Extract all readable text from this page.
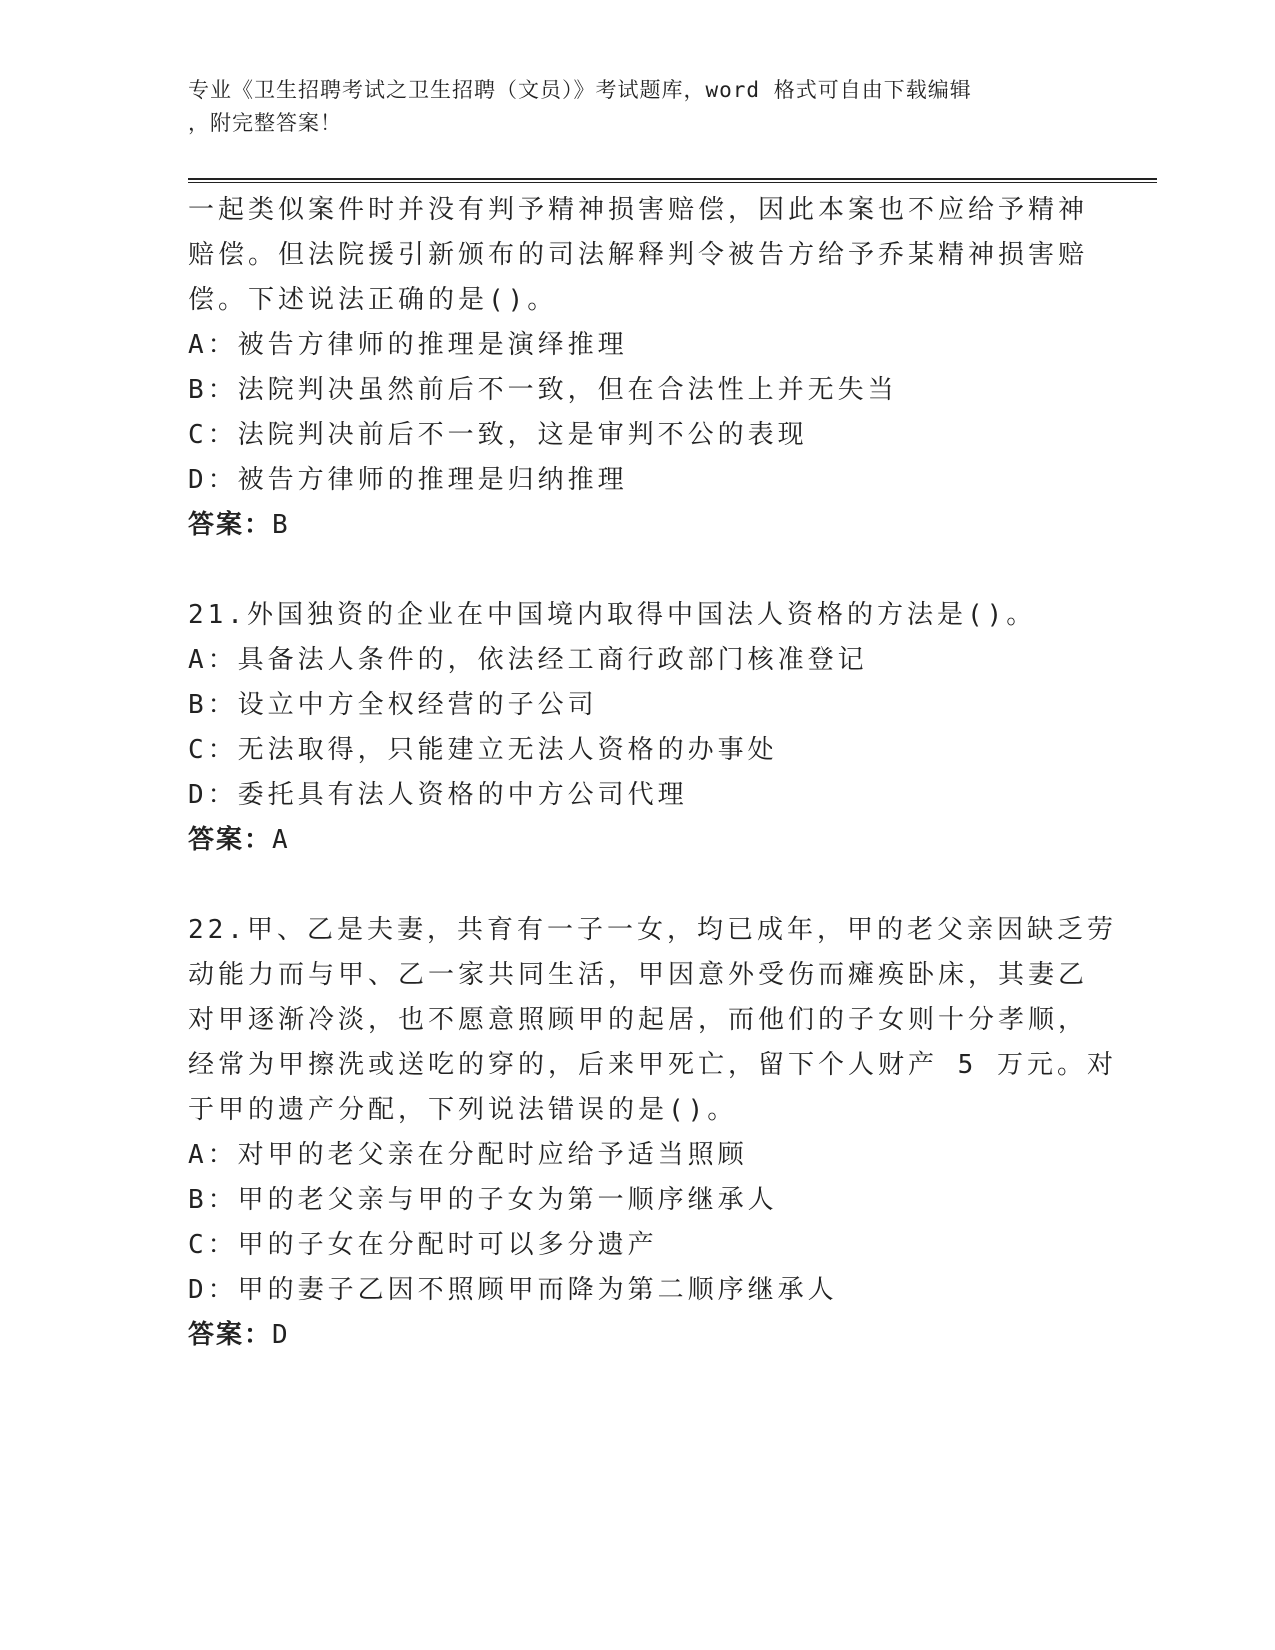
专业《卫生招聘考试之卫生招聘（文员）》考试题库，word 格式可自由下载编辑
，附完整答案！
一起类似案件时并没有判予精神损害赔偿，因此本案也不应给予精神
赔偿。但法院援引新颁布的司法解释判令被告方给予乔某精神损害赔
偿。下述说法正确的是()。
A：被告方律师的推理是演绎推理
B：法院判决虽然前后不一致，但在合法性上并无失当
C：法院判决前后不一致，这是审判不公的表现
D：被告方律师的推理是归纳推理
答案：B
21.外国独资的企业在中国境内取得中国法人资格的方法是()。
A：具备法人条件的，依法经工商行政部门核准登记
B：设立中方全权经营的子公司
C：无法取得，只能建立无法人资格的办事处
D：委托具有法人资格的中方公司代理
答案：A
22.甲、乙是夫妻，共育有一子一女，均已成年，甲的老父亲因缺乏劳
动能力而与甲、乙一家共同生活，甲因意外受伤而瘫痪卧床，其妻乙
对甲逐渐冷淡，也不愿意照顾甲的起居，而他们的子女则十分孝顺，
经常为甲擦洗或送吃的穿的，后来甲死亡，留下个人财产 5 万元。对
于甲的遗产分配，下列说法错误的是()。
A：对甲的老父亲在分配时应给予适当照顾
B：甲的老父亲与甲的子女为第一顺序继承人
C：甲的子女在分配时可以多分遗产
D：甲的妻子乙因不照顾甲而降为第二顺序继承人
答案：D
